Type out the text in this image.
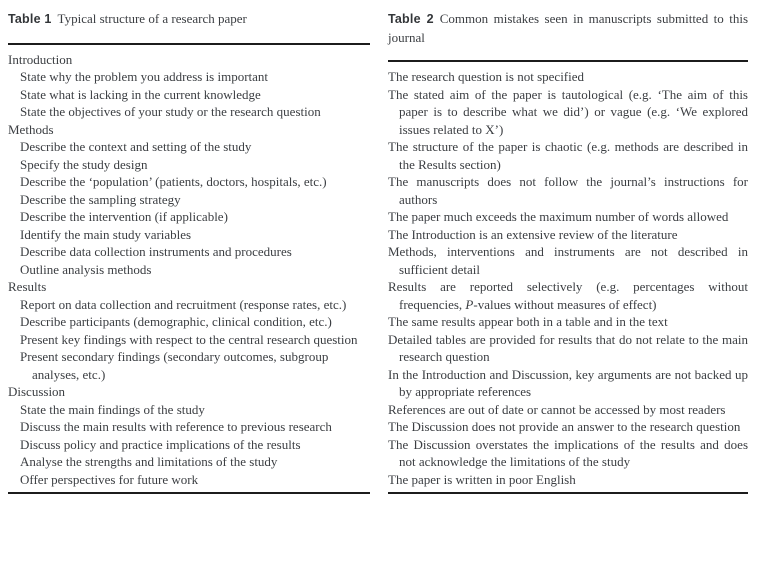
Table 1 Typical structure of a research paper
Introduction
State why the problem you address is important
State what is lacking in the current knowledge
State the objectives of your study or the research question
Methods
Describe the context and setting of the study
Specify the study design
Describe the ‘population’ (patients, doctors, hospitals, etc.)
Describe the sampling strategy
Describe the intervention (if applicable)
Identify the main study variables
Describe data collection instruments and procedures
Outline analysis methods
Results
Report on data collection and recruitment (response rates, etc.)
Describe participants (demographic, clinical condition, etc.)
Present key findings with respect to the central research question
Present secondary findings (secondary outcomes, subgroup analyses, etc.)
Discussion
State the main findings of the study
Discuss the main results with reference to previous research
Discuss policy and practice implications of the results
Analyse the strengths and limitations of the study
Offer perspectives for future work
Table 2 Common mistakes seen in manuscripts submitted to this journal
The research question is not specified
The stated aim of the paper is tautological (e.g. ‘The aim of this paper is to describe what we did’) or vague (e.g. ‘We explored issues related to X’)
The structure of the paper is chaotic (e.g. methods are described in the Results section)
The manuscripts does not follow the journal’s instructions for authors
The paper much exceeds the maximum number of words allowed
The Introduction is an extensive review of the literature
Methods, interventions and instruments are not described in sufficient detail
Results are reported selectively (e.g. percentages without frequencies, P-values without measures of effect)
The same results appear both in a table and in the text
Detailed tables are provided for results that do not relate to the main research question
In the Introduction and Discussion, key arguments are not backed up by appropriate references
References are out of date or cannot be accessed by most readers
The Discussion does not provide an answer to the research question
The Discussion overstates the implications of the results and does not acknowledge the limitations of the study
The paper is written in poor English
